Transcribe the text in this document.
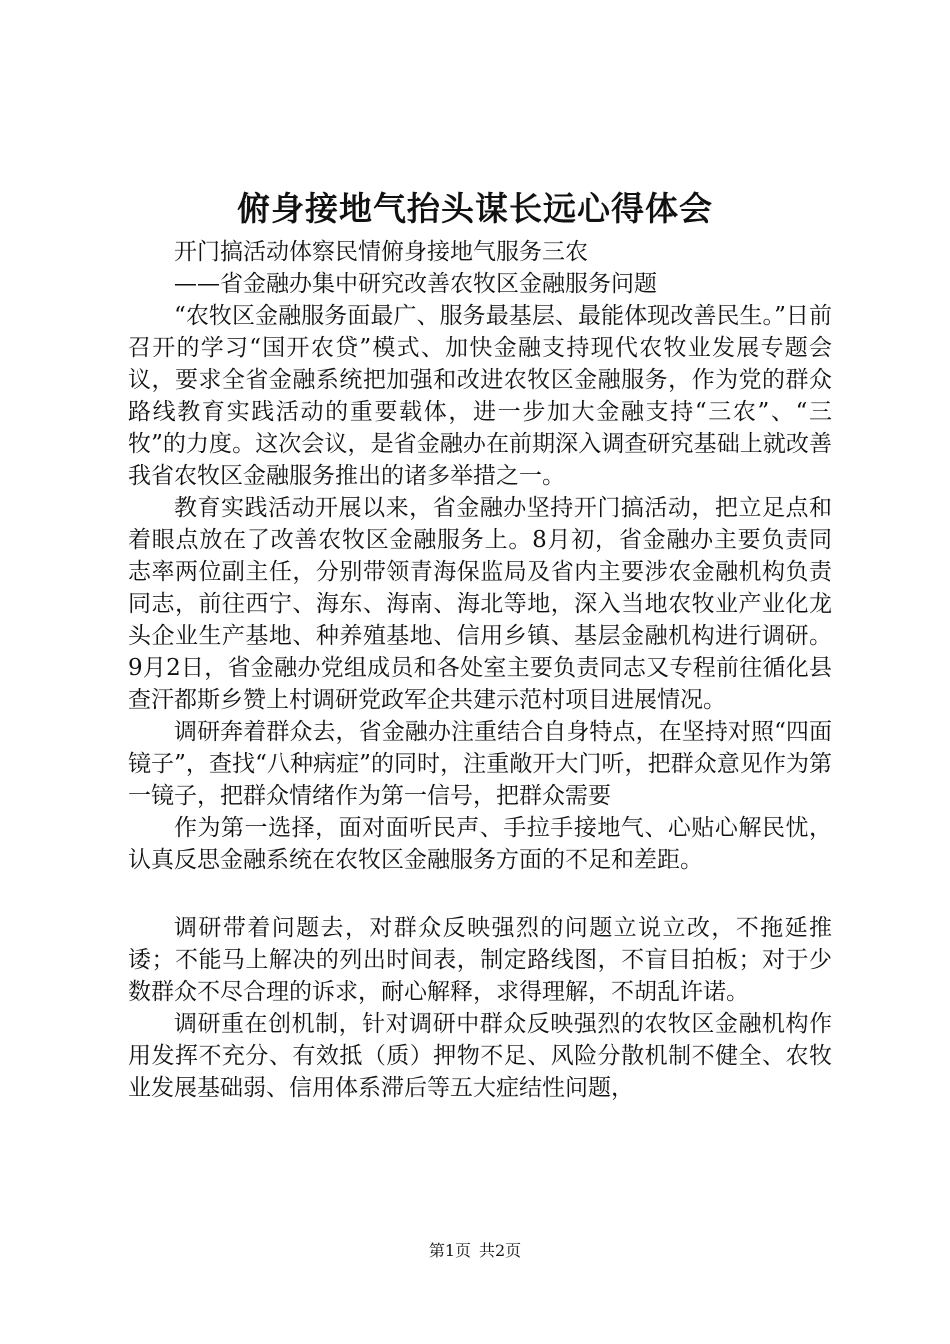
俯身接地气抬头谋长远心得体会

开门搞活动体察民情俯身接地气服务三农

——省金融办集中研究改善农牧区金融服务问题

“农牧区金融服务面最广、服务最基层、最能体现改善民生。”日前召开的学习“国开农贷”模式、加快金融支持现代农牧业发展专题会议，要求全省金融系统把加强和改进农牧区金融服务，作为党的群众路线教育实践活动的重要载体，进一步加大金融支持“三农”、“三牧”的力度。这次会议，是省金融办在前期深入调查研究基础上就改善我省农牧区金融服务推出的诸多举措之一。

教育实践活动开展以来，省金融办坚持开门搞活动，把立足点和着眼点放在了改善农牧区金融服务上。8月初，省金融办主要负责同志率两位副主任，分别带领青海保监局及省内主要涉农金融机构负责同志，前往西宁、海东、海南、海北等地，深入当地农牧业产业化龙头企业生产基地、种养殖基地、信用乡镇、基层金融机构进行调研。9月2日，省金融办党组成员和各处室主要负责同志又专程前往循化县查汗都斯乡赞上村调研党政军企共建示范村项目进展情况。

调研奔着群众去，省金融办注重结合自身特点，在坚持对照“四面镜子”，查找“八种病症”的同时，注重敞开大门听，把群众意见作为第一镜子，把群众情绪作为第一信号，把群众需要

作为第一选择，面对面听民声、手拉手接地气、心贴心解民忧，认真反思金融系统在农牧区金融服务方面的不足和差距。

调研带着问题去，对群众反映强烈的问题立说立改，不拖延推诿；不能马上解决的列出时间表，制定路线图，不盲目拍板；对于少数群众不尽合理的诉求，耐心解释，求得理解，不胡乱许诺。

调研重在创机制，针对调研中群众反映强烈的农牧区金融机构作用发挥不充分、有效抵（质）押物不足、风险分散机制不健全、农牧业发展基础弱、信用体系滞后等五大症结性问题，

第1页 共2页
